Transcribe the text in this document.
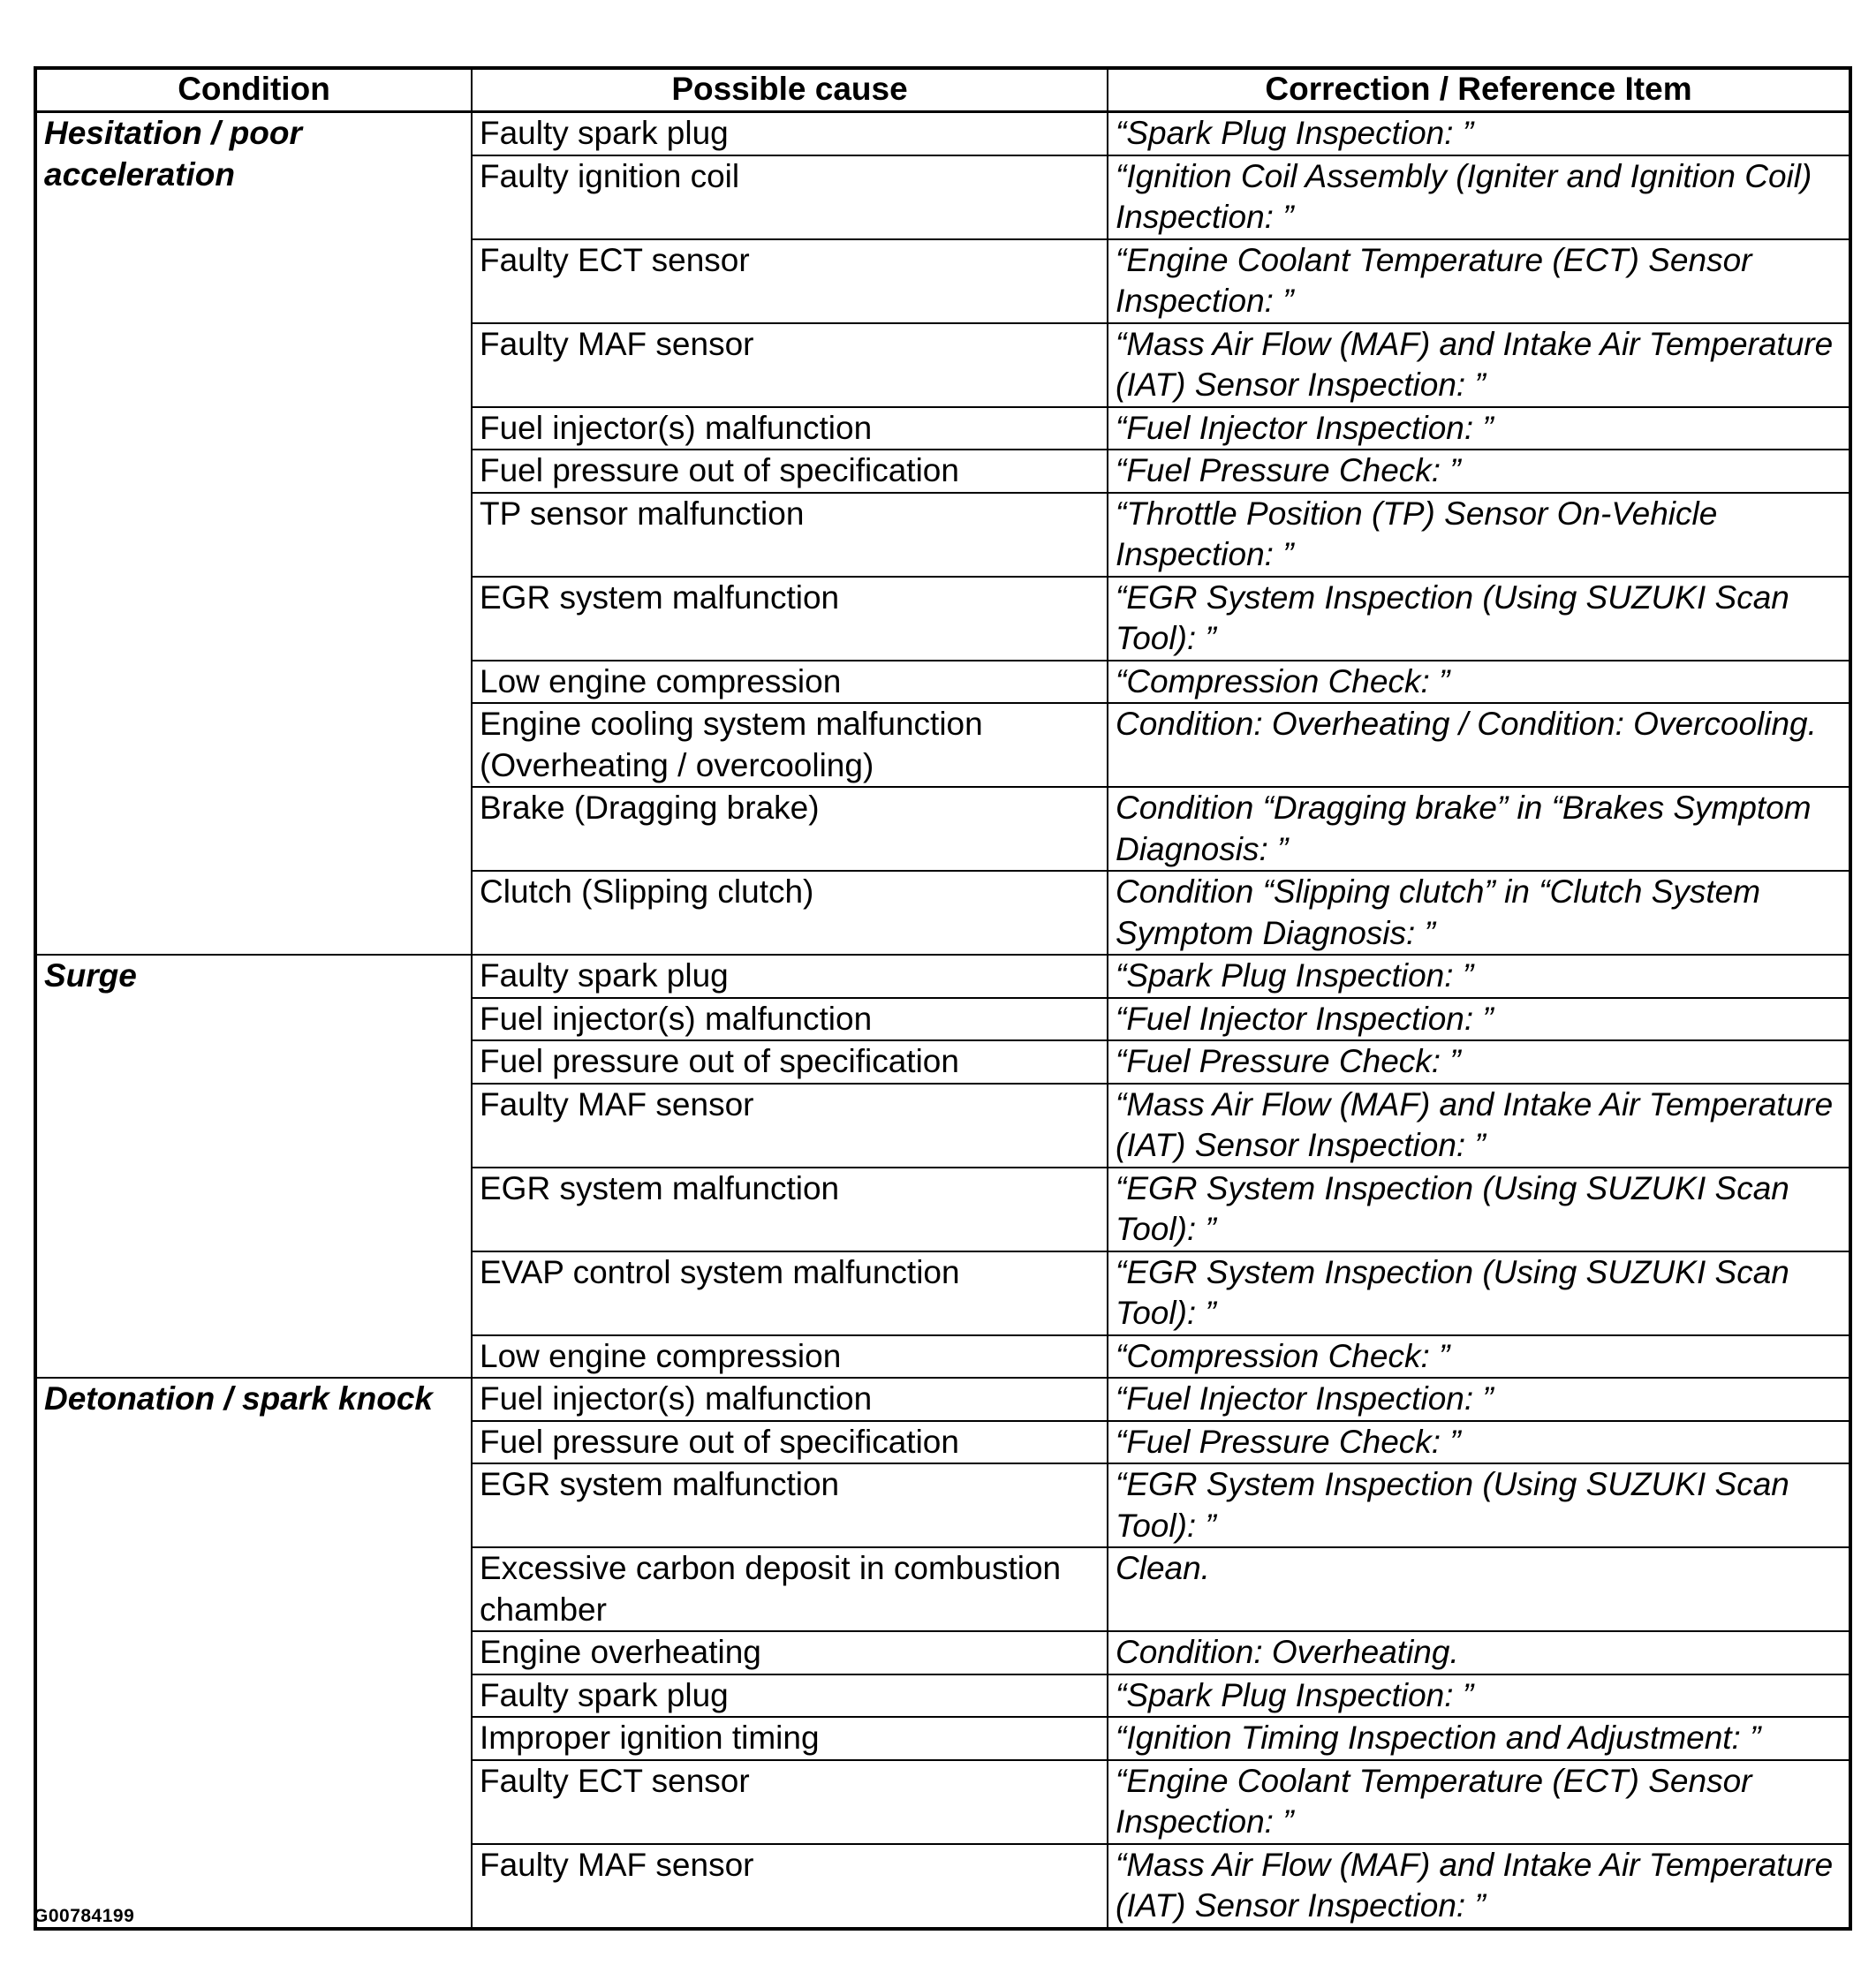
Condition	Possible cause	Correction / Reference Item
Hesitation / poor acceleration	Faulty spark plug	“Spark Plug Inspection: ”
	Faulty ignition coil	“Ignition Coil Assembly (Igniter and Ignition Coil) Inspection: ”
	Faulty ECT sensor	“Engine Coolant Temperature (ECT) Sensor Inspection: ”
	Faulty MAF sensor	“Mass Air Flow (MAF) and Intake Air Temperature (IAT) Sensor Inspection: ”
	Fuel injector(s) malfunction	“Fuel Injector Inspection: ”
	Fuel pressure out of specification	“Fuel Pressure Check: ”
	TP sensor malfunction	“Throttle Position (TP) Sensor On-Vehicle Inspection: ”
	EGR system malfunction	“EGR System Inspection (Using SUZUKI Scan Tool): ”
	Low engine compression	“Compression Check: ”
	Engine cooling system malfunction (Overheating / overcooling)	Condition: Overheating / Condition: Overcooling.
	Brake (Dragging brake)	Condition “Dragging brake” in “Brakes Symptom Diagnosis: ”
	Clutch (Slipping clutch)	Condition “Slipping clutch” in “Clutch System Symptom Diagnosis: ”
Surge	Faulty spark plug	“Spark Plug Inspection: ”
	Fuel injector(s) malfunction	“Fuel Injector Inspection: ”
	Fuel pressure out of specification	“Fuel Pressure Check: ”
	Faulty MAF sensor	“Mass Air Flow (MAF) and Intake Air Temperature (IAT) Sensor Inspection: ”
	EGR system malfunction	“EGR System Inspection (Using SUZUKI Scan Tool): ”
	EVAP control system malfunction	“EGR System Inspection (Using SUZUKI Scan Tool): ”
	Low engine compression	“Compression Check: ”
Detonation / spark knock	Fuel injector(s) malfunction	“Fuel Injector Inspection: ”
	Fuel pressure out of specification	“Fuel Pressure Check: ”
	EGR system malfunction	“EGR System Inspection (Using SUZUKI Scan Tool): ”
	Excessive carbon deposit in combustion chamber	Clean.
	Engine overheating	Condition: Overheating.
	Faulty spark plug	“Spark Plug Inspection: ”
	Improper ignition timing	“Ignition Timing Inspection and Adjustment: ”
	Faulty ECT sensor	“Engine Coolant Temperature (ECT) Sensor Inspection: ”
	Faulty MAF sensor	“Mass Air Flow (MAF) and Intake Air Temperature (IAT) Sensor Inspection: ”
G00784199
